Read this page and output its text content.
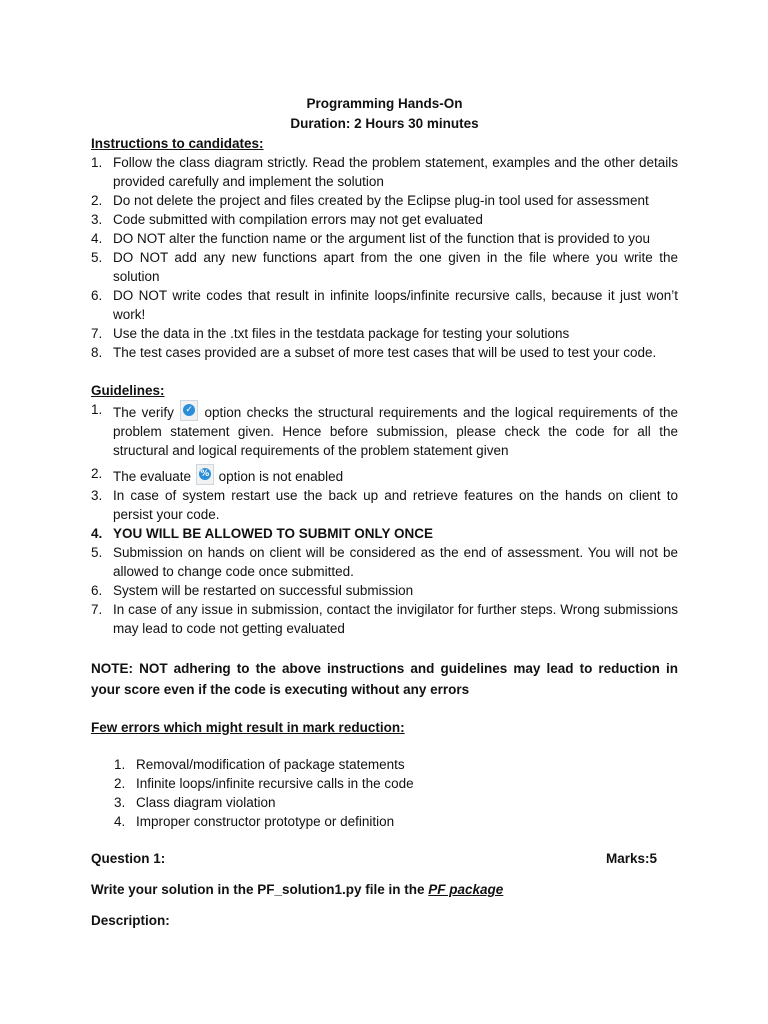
Programming Hands-On
Duration: 2 Hours 30 minutes
Instructions to candidates:
1. Follow the class diagram strictly. Read the problem statement, examples and the other details provided carefully and implement the solution
2. Do not delete the project and files created by the Eclipse plug-in tool used for assessment
3. Code submitted with compilation errors may not get evaluated
4. DO NOT alter the function name or the argument list of the function that is provided to you
5. DO NOT add any new functions apart from the one given in the file where you write the solution
6. DO NOT write codes that result in infinite loops/infinite recursive calls, because it just won’t work!
7. Use the data in the .txt files in the testdata package for testing your solutions
8. The test cases provided are a subset of more test cases that will be used to test your code.
Guidelines:
1. The verify ✓ option checks the structural requirements and the logical requirements of the problem statement given. Hence before submission, please check the code for all the structural and logical requirements of the problem statement given
2. The evaluate % option is not enabled
3. In case of system restart use the back up and retrieve features on the hands on client to persist your code.
4. YOU WILL BE ALLOWED TO SUBMIT ONLY ONCE
5. Submission on hands on client will be considered as the end of assessment. You will not be allowed to change code once submitted.
6. System will be restarted on successful submission
7. In case of any issue in submission, contact the invigilator for further steps. Wrong submissions may lead to code not getting evaluated
NOTE: NOT adhering to the above instructions and guidelines may lead to reduction in your score even if the code is executing without any errors
Few errors which might result in mark reduction:
1. Removal/modification of package statements
2. Infinite loops/infinite recursive calls in the code
3. Class diagram violation
4. Improper constructor prototype or definition
Question 1:	Marks:5
Write your solution in the PF_solution1.py file in the PF package
Description:
